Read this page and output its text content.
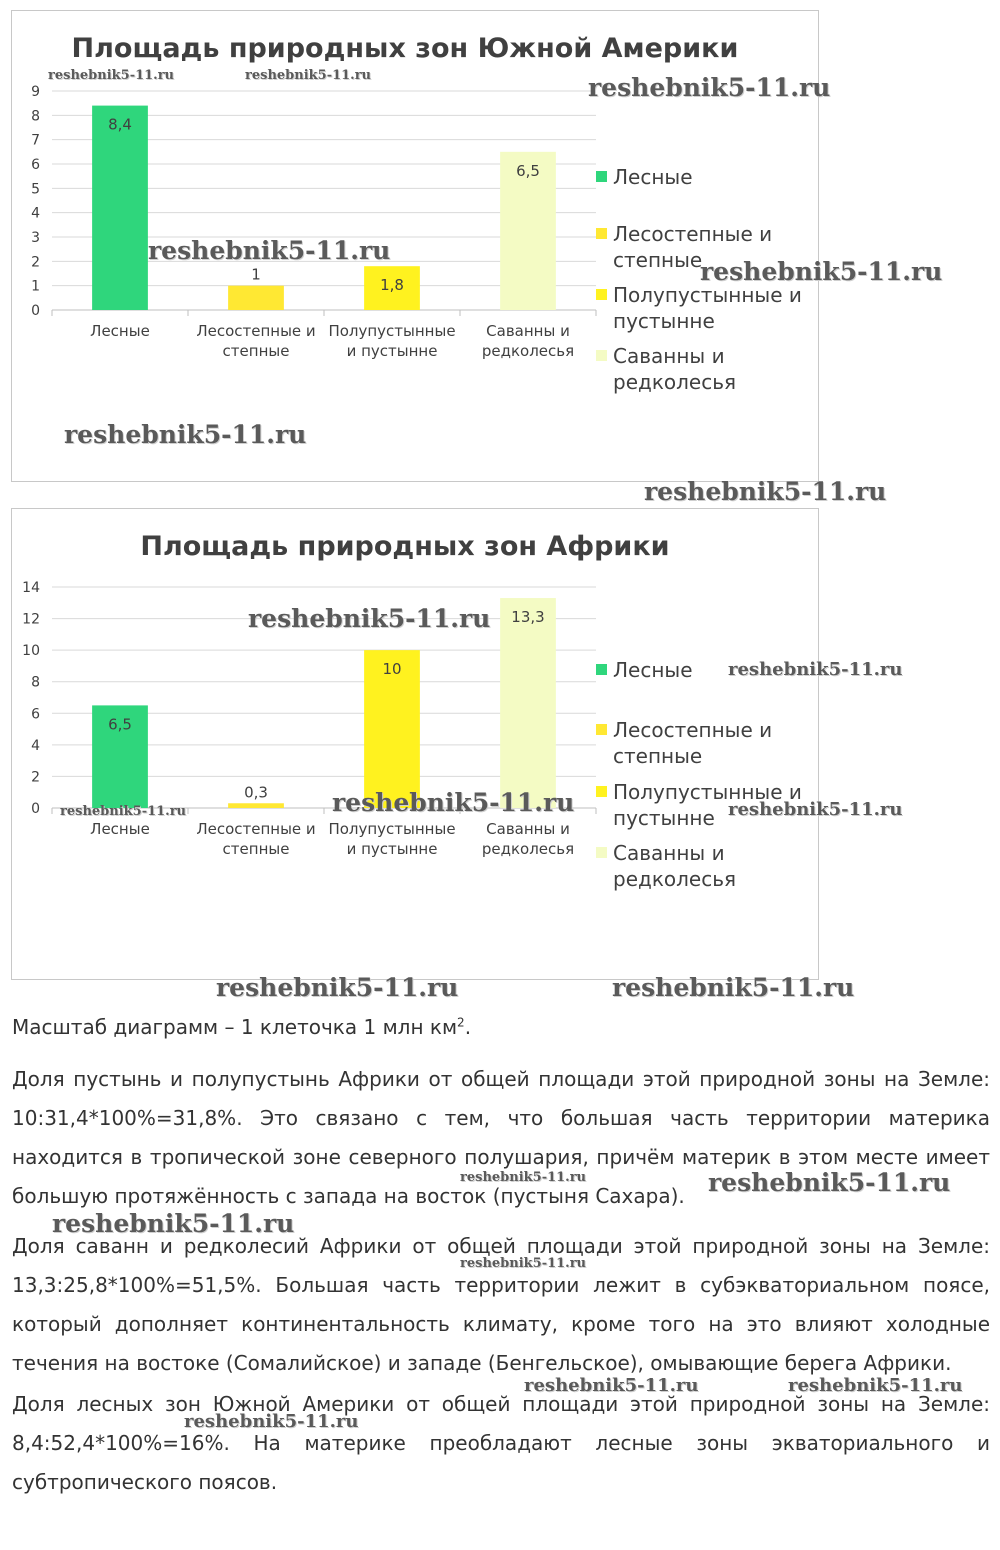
Площадь природных зон Южной Америки
0
1
2
3
4
5
6
7
8
9
8,4
Лесные
1
Лесостепные и
степные
1,8
Полупустынные
и пустынне
6,5
Саванны и
редколесья
Лесные
Лесостепные и
степные
Полупустынные и
пустынне
Саванны и
редколесья
Площадь природных зон Африки
0
2
4
6
8
10
12
14
6,5
Лесные
0,3
Лесостепные и
степные
10
Полупустынные
и пустынне
13,3
Саванны и
редколесья
Лесные
Лесостепные и
степные
Полупустынные и
пустынне
Саванны и
редколесья
Масштаб диаграмм – 1 клеточка 1 млн $км^2$.
Доля пустынь и полупустынь Африки от общей площади этой природной зоны на Земле: 10:31,4*100%=31,8%. Это связано с тем, что большая часть территории материка находится в тропической зоне северного полушария, причём материк в этом месте имеет большую протяжённость с запада на восток (пустыня Сахара).
Доля саванн и редколесий Африки от общей площади этой природной зоны на Земле: 13,3:25,8*100%=51,5%. Большая часть территории лежит в субэкваториальном поясе, который дополняет континентальность климату, кроме того на это влияют холодные течения на востоке (Сомалийское) и западе (Бенгельское), омывающие берега Африки.
Доля лесных зон Южной Америки от общей площади этой природной зоны на Земле: 8,4:52,4*100%=16%. На материке преобладают лесные зоны экваториального и субтропического поясов.
reshebnik5-11.ru	reshebnik5-11.ru	reshebnik5-11.ru
reshebnik5-11.ru
reshebnik5-11.ru
reshebnik5-11.ru
reshebnik5-11.ru
reshebnik5-11.ru
reshebnik5-11.ru
reshebnik5-11.ru	reshebnik5-11.ru	reshebnik5-11.ru
reshebnik5-11.ru	reshebnik5-11.ru
reshebnik5-11.ru	reshebnik5-11.ru
reshebnik5-11.ru
reshebnik5-11.ru
reshebnik5-11.ru	reshebnik5-11.ru
reshebnik5-11.ru
